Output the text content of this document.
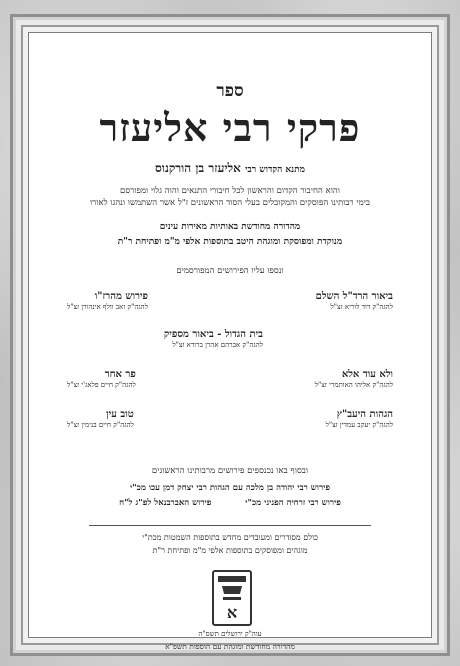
ספר
פרקי רבי אליעזר
מתנא הקדוש רבי אליעזר בן הורקנוס
והוא החיבור הקדום והראשון לכל חיבורי התנאים והוה גלוי ומפורסם
בימי רבותינו הפוסקים והמקובלים בעלי הסוד הראשונים ז"ל אשר השתמשו ונהגו לאורו
מהדורה מחודשת באותיות מאירות עינים
מנוקדת ומפוסקת ומוגהת היטב בתוספות אלפי מ"מ ופתיחת ר"ת
ונספו עליו הפירושים המפורסמים
ביאור הרד"ל השלם
להגה"ק דוד לוריא זצ"ל
פירוש מהרז"ו
להגה"ק זאב וולף אינהורן זצ"ל
בית הגדול - ביאור מספיק
להגה"ק אברהם אהרן ברודא זצ"ל
ולא עוד אלא
להגה"ק אליהו האותמרי זצ"ל
פר אחר
להגה"ק חיים פלאג'י זצ"ל
הגהות היעב"ץ
להגה"ק יעקב עמדין זצ"ל
טוב עין
להגה"ק חיים בנימין זצ"ל
ובסוף באו נכנספים פירושים מרבותינו הראשונים
פירוש רבי יהודה בן מלכה עם הגהות רבי יצחק דמן עכו מכ"י
פירוש רבי זרחיה הפניני מכ"י  פירוש האברבנאל לפ"ג ל"ח
כולם מסודרים ומעובדים מחדש בתוספות השמטות מכת"י
מוגהים ומפוסקים בתוספות אלפי מ"מ ופתיחת ר"ת
א
עוה"ק ירושלים תשס"ה
מהדורה מחודשת ומוגהת עם הוספות תשפ"א
